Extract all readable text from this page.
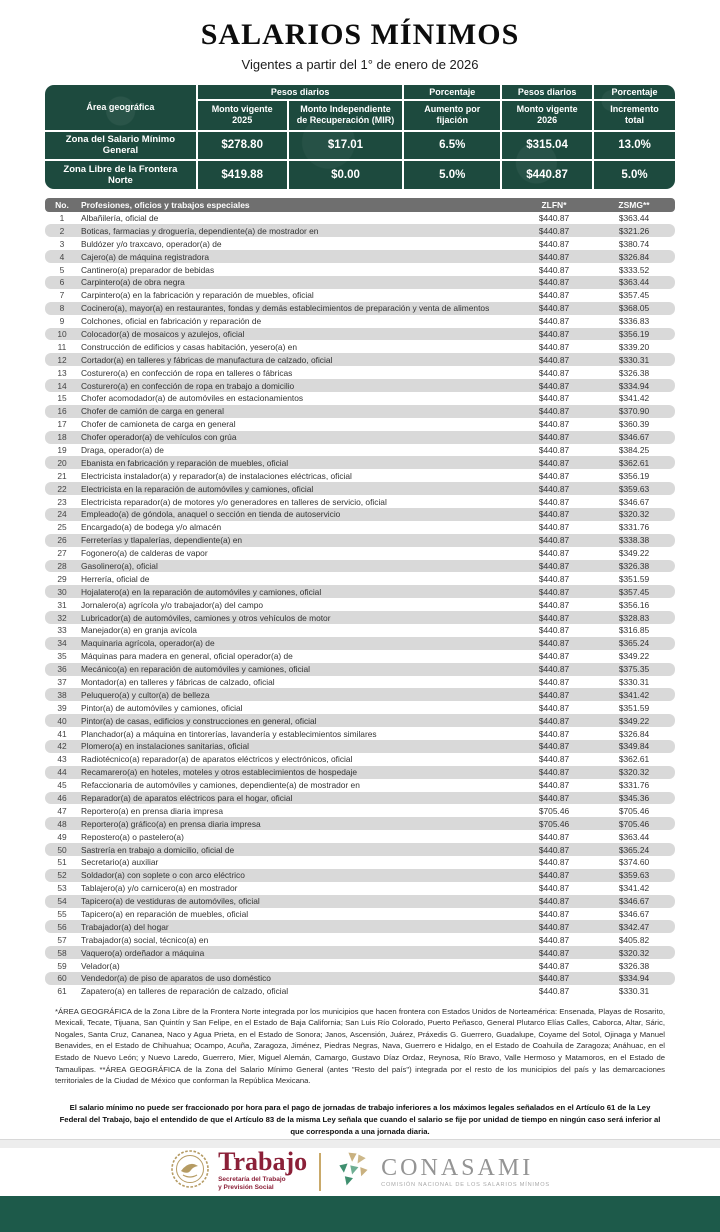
SALARIOS MÍNIMOS
Vigentes a partir del 1° de enero de 2026
Área geográfica	Pesos diarios		Porcentaje	Pesos diarios	Porcentaje
	Monto vigente 2025	Monto Independiente de Recuperación (MIR)	Aumento por fijación	Monto vigente 2026	Incremento total
Zona del Salario Mínimo General	$278.80	$17.01	6.5%	$315.04	13.0%
Zona Libre de la Frontera Norte	$419.88	$0.00	5.0%	$440.87	5.0%
No.	Profesiones, oficios y trabajos especiales	ZLFN*	ZSMG**
1	Albañilería, oficial de	$440.87	$363.44
2	Boticas, farmacias y droguería, dependiente(a) de mostrador en	$440.87	$321.26
3	Buldózer y/o traxcavo, operador(a) de	$440.87	$380.74
4	Cajero(a) de máquina registradora	$440.87	$326.84
5	Cantinero(a) preparador de bebidas	$440.87	$333.52
6	Carpintero(a) de obra negra	$440.87	$363.44
7	Carpintero(a) en la fabricación y reparación de muebles, oficial	$440.87	$357.45
8	Cocinero(a), mayor(a) en restaurantes, fondas y demás establecimientos de preparación y venta de alimentos	$440.87	$368.05
9	Colchones, oficial en fabricación y reparación de	$440.87	$336.83
10	Colocador(a) de mosaicos y azulejos, oficial	$440.87	$356.19
11	Construcción de edificios y casas habitación, yesero(a) en	$440.87	$339.20
12	Cortador(a) en talleres y fábricas de manufactura de calzado, oficial	$440.87	$330.31
13	Costurero(a) en confección de ropa en talleres o fábricas	$440.87	$326.38
14	Costurero(a) en confección de ropa en trabajo a domicilio	$440.87	$334.94
15	Chofer acomodador(a) de automóviles en estacionamientos	$440.87	$341.42
16	Chofer de camión de carga en general	$440.87	$370.90
17	Chofer de camioneta de carga en general	$440.87	$360.39
18	Chofer operador(a) de vehículos con grúa	$440.87	$346.67
19	Draga, operador(a) de	$440.87	$384.25
20	Ebanista en fabricación y reparación de muebles, oficial	$440.87	$362.61
21	Electricista instalador(a) y reparador(a) de instalaciones eléctricas, oficial	$440.87	$356.19
22	Electricista en la reparación de automóviles y camiones, oficial	$440.87	$359.63
23	Electricista reparador(a) de motores y/o generadores en talleres de servicio, oficial	$440.87	$346.67
24	Empleado(a) de góndola, anaquel o sección en tienda de autoservicio	$440.87	$320.32
25	Encargado(a) de bodega y/o almacén	$440.87	$331.76
26	Ferreterías y tlapalerías, dependiente(a) en	$440.87	$338.38
27	Fogonero(a) de calderas de vapor	$440.87	$349.22
28	Gasolinero(a), oficial	$440.87	$326.38
29	Herrería, oficial de	$440.87	$351.59
30	Hojalatero(a) en la reparación de automóviles y camiones, oficial	$440.87	$357.45
31	Jornalero(a) agrícola y/o trabajador(a) del campo	$440.87	$356.16
32	Lubricador(a) de automóviles, camiones y otros vehículos de motor	$440.87	$328.83
33	Manejador(a) en granja avícola	$440.87	$316.85
34	Maquinaria agrícola, operador(a) de	$440.87	$365.24
35	Máquinas para madera en general, oficial operador(a) de	$440.87	$349.22
36	Mecánico(a) en reparación de automóviles y camiones, oficial	$440.87	$375.35
37	Montador(a) en talleres y fábricas de calzado, oficial	$440.87	$330.31
38	Peluquero(a) y cultor(a) de belleza	$440.87	$341.42
39	Pintor(a) de automóviles y camiones, oficial	$440.87	$351.59
40	Pintor(a) de casas, edificios y construcciones en general, oficial	$440.87	$349.22
41	Planchador(a) a máquina en tintorerías, lavandería y establecimientos similares	$440.87	$326.84
42	Plomero(a) en instalaciones sanitarias, oficial	$440.87	$349.84
43	Radiotécnico(a) reparador(a) de aparatos eléctricos y electrónicos, oficial	$440.87	$362.61
44	Recamarero(a) en hoteles, moteles y otros establecimientos de hospedaje	$440.87	$320.32
45	Refaccionaria de automóviles y camiones, dependiente(a) de mostrador en	$440.87	$331.76
46	Reparador(a) de aparatos eléctricos para el hogar, oficial	$440.87	$345.36
47	Reportero(a) en prensa diaria impresa	$705.46	$705.46
48	Reportero(a) gráfico(a) en prensa diaria impresa	$705.46	$705.46
49	Repostero(a) o pastelero(a)	$440.87	$363.44
50	Sastrería en trabajo a domicilio, oficial de	$440.87	$365.24
51	Secretario(a) auxiliar	$440.87	$374.60
52	Soldador(a) con soplete o con arco eléctrico	$440.87	$359.63
53	Tablajero(a) y/o carnicero(a) en mostrador	$440.87	$341.42
54	Tapicero(a) de vestiduras de automóviles, oficial	$440.87	$346.67
55	Tapicero(a) en reparación de muebles, oficial	$440.87	$346.67
56	Trabajador(a) del hogar	$440.87	$342.47
57	Trabajador(a) social, técnico(a) en	$440.87	$405.82
58	Vaquero(a) ordeñador a máquina	$440.87	$320.32
59	Velador(a)	$440.87	$326.38
60	Vendedor(a) de piso de aparatos de uso doméstico	$440.87	$334.94
61	Zapatero(a) en talleres de reparación de calzado, oficial	$440.87	$330.31

*ÁREA GEOGRÁFICA de la Zona Libre de la Frontera Norte integrada por los municipios que hacen frontera con Estados Unidos de Norteamérica: Ensenada, Playas de Rosarito, Mexicali, Tecate, Tijuana, San Quintín y San Felipe, en el Estado de Baja California; San Luis Río Colorado, Puerto Peñasco, General Plutarco Elías Calles, Caborca, Altar, Sáric, Nogales, Santa Cruz, Cananea, Naco y Agua Prieta, en el Estado de Sonora; Janos, Ascensión, Juárez, Práxedis G. Guerrero, Guadalupe, Coyame del Sotol, Ojinaga y Manuel Benavides, en el Estado de Chihuahua; Ocampo, Acuña, Zaragoza, Jiménez, Piedras Negras, Nava, Guerrero e Hidalgo, en el Estado de Coahuila de Zaragoza; Anáhuac, en el Estado de Nuevo León; y Nuevo Laredo, Guerrero, Mier, Miguel Alemán, Camargo, Gustavo Díaz Ordaz, Reynosa, Río Bravo, Valle Hermoso y Matamoros, en el Estado de Tamaulipas. **ÁREA GEOGRÁFICA de la Zona del Salario Mínimo General (antes "Resto del país") integrada por el resto de los municipios del país y las demarcaciones territoriales de la Ciudad de México que conforman la República Mexicana.

El salario mínimo no puede ser fraccionado por hora para el pago de jornadas de trabajo inferiores a los máximos legales señalados en el Artículo 61 de la Ley Federal del Trabajo, bajo el entendido de que el Artículo 83 de la misma Ley señala que cuando el salario se fije por unidad de tiempo en ningún caso será inferior al que corresponda a una jornada diaria.

Trabajo
Secretaría del Trabajo
y Previsión Social
CONASAMI
COMISIÓN NACIONAL DE LOS SALARIOS MÍNIMOS
